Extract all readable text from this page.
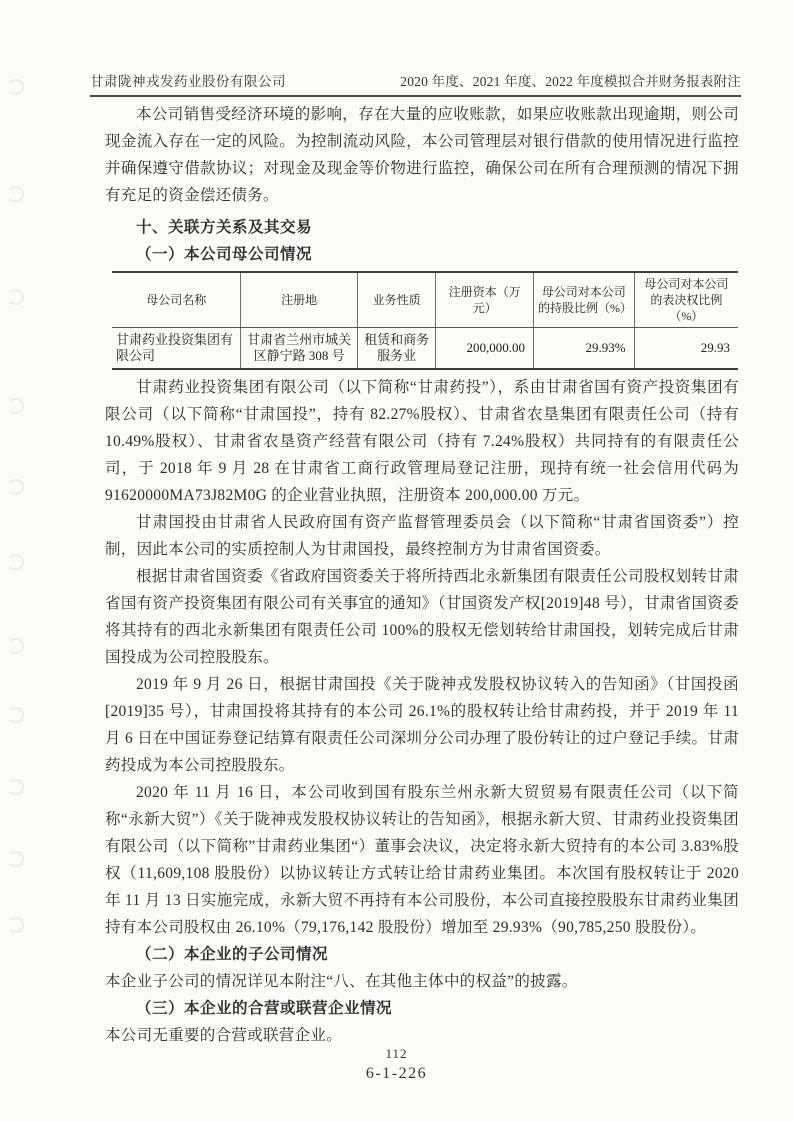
甘肃陇神戎发药业股份有限公司	2020 年度、2021 年度、2022 年度模拟合并财务报表附注

本公司销售受经济环境的影响，存在大量的应收账款，如果应收账款出现逾期，则公司现金流入存在一定的风险。为控制流动风险，本公司管理层对银行借款的使用情况进行监控并确保遵守借款协议；对现金及现金等价物进行监控，确保公司在所有合理预测的情况下拥有充足的资金偿还债务。

十、关联方关系及其交易

（一）本公司母公司情况

母公司名称	注册地	业务性质	注册资本（万元）	母公司对本公司的持股比例（%）	母公司对本公司的表决权比例（%）
甘肃药业投资集团有限公司	甘肃省兰州市城关区静宁路 308 号	租赁和商务服务业	200,000.00	29.93%	29.93

甘肃药业投资集团有限公司（以下简称“甘肃药投”），系由甘肃省国有资产投资集团有限公司（以下简称“甘肃国投”，持有 82.27%股权）、甘肃省农垦集团有限责任公司（持有 10.49%股权）、甘肃省农垦资产经营有限公司（持有 7.24%股权）共同持有的有限责任公司，于 2018 年 9 月 28 在甘肃省工商行政管理局登记注册，现持有统一社会信用代码为 91620000MA73J82M0G 的企业营业执照，注册资本 200,000.00 万元。

甘肃国投由甘肃省人民政府国有资产监督管理委员会（以下简称“甘肃省国资委”）控制，因此本公司的实质控制人为甘肃国投，最终控制方为甘肃省国资委。

根据甘肃省国资委《省政府国资委关于将所持西北永新集团有限责任公司股权划转甘肃省国有资产投资集团有限公司有关事宜的通知》（甘国资发产权[2019]48 号），甘肃省国资委将其持有的西北永新集团有限责任公司 100%的股权无偿划转给甘肃国投，划转完成后甘肃国投成为公司控股股东。

2019 年 9 月 26 日，根据甘肃国投《关于陇神戎发股权协议转入的告知函》（甘国投函[2019]35 号），甘肃国投将其持有的本公司 26.1%的股权转让给甘肃药投，并于 2019 年 11 月 6 日在中国证券登记结算有限责任公司深圳分公司办理了股份转让的过户登记手续。甘肃药投成为本公司控股股东。

2020 年 11 月 16 日，本公司收到国有股东兰州永新大贸贸易有限责任公司（以下简称“永新大贸”）《关于陇神戎发股权协议转让的告知函》，根据永新大贸、甘肃药业投资集团有限公司（以下简称”甘肃药业集团“）董事会决议，决定将永新大贸持有的本公司 3.83%股权（11,609,108 股股份）以协议转让方式转让给甘肃药业集团。本次国有股权转让于 2020 年 11 月 13 日实施完成，永新大贸不再持有本公司股份，本公司直接控股股东甘肃药业集团持有本公司股权由 26.10%（79,176,142 股股份）增加至 29.93%（90,785,250 股股份）。

（二）本企业的子公司情况

本企业子公司的情况详见本附注“八、在其他主体中的权益”的披露。

（三）本企业的合营或联营企业情况

本公司无重要的合营或联营企业。

112
6-1-226
